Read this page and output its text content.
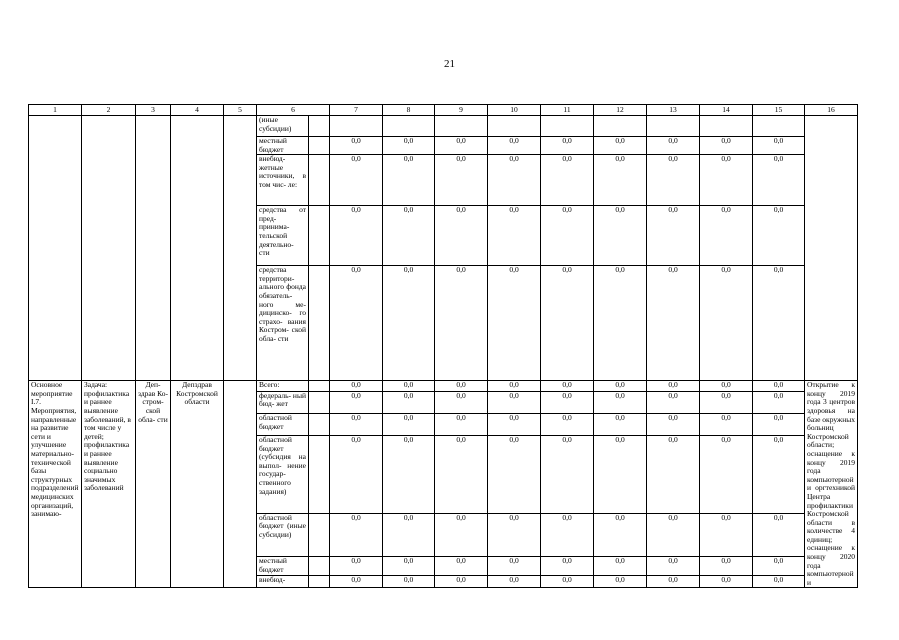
21
1	2	3	4	5	6		7	8	9	10	11	12	13	14	15	16
					(иные субсидии)											
					местный бюджет		0,0	0,0	0,0	0,0	0,0	0,0	0,0	0,0	0,0	
					внебюд- жетные источники, в том чис- ле:		0,0	0,0	0,0	0,0	0,0	0,0	0,0	0,0	0,0	
					средства от пред- принима- тельской деятельно- сти		0,0	0,0	0,0	0,0	0,0	0,0	0,0	0,0	0,0	
					средства территори- ального фонда обязатель- ного ме- дицинско- го страхо- вания Костром- ской обла- сти		0,0	0,0	0,0	0,0	0,0	0,0	0,0	0,0	0,0	
Основное мероприятие I.7. Мероприятия, направленные на развитие сети и улучшение материально-технической базы структурных подразделений медицинских организаций, занимаю-	Задача: профилактика и раннее выявление заболеваний, в том числе у детей; профилактика и раннее выявление социально значимых заболеваний	Деп- здрав Ко- стром- ской обла- сти	Депздрав Костромской области		Всего:		0,0	0,0	0,0	0,0	0,0	0,0	0,0	0,0	0,0	Открытие к концу 2019 года 3 центров здоровья на базе окружных больниц Костромской области; оснащение к концу 2019 года компьютерной и оргтехникой Центра профилактики Костромской области в количестве 4 единиц; оснащение к концу 2020 года компьютерной и
					федераль- ный бюд- жет		0,0	0,0	0,0	0,0	0,0	0,0	0,0	0,0	0,0	
					областной бюджет		0,0	0,0	0,0	0,0	0,0	0,0	0,0	0,0	0,0	
					областной бюджет (субсидия на выпол- нение государ- ственного задания)		0,0	0,0	0,0	0,0	0,0	0,0	0,0	0,0	0,0	
					областной бюджет (иные субсидии)		0,0	0,0	0,0	0,0	0,0	0,0	0,0	0,0	0,0	
					местный бюджет		0,0	0,0	0,0	0,0	0,0	0,0	0,0	0,0	0,0	
					внебюд-		0,0	0,0	0,0	0,0	0,0	0,0	0,0	0,0	0,0	
